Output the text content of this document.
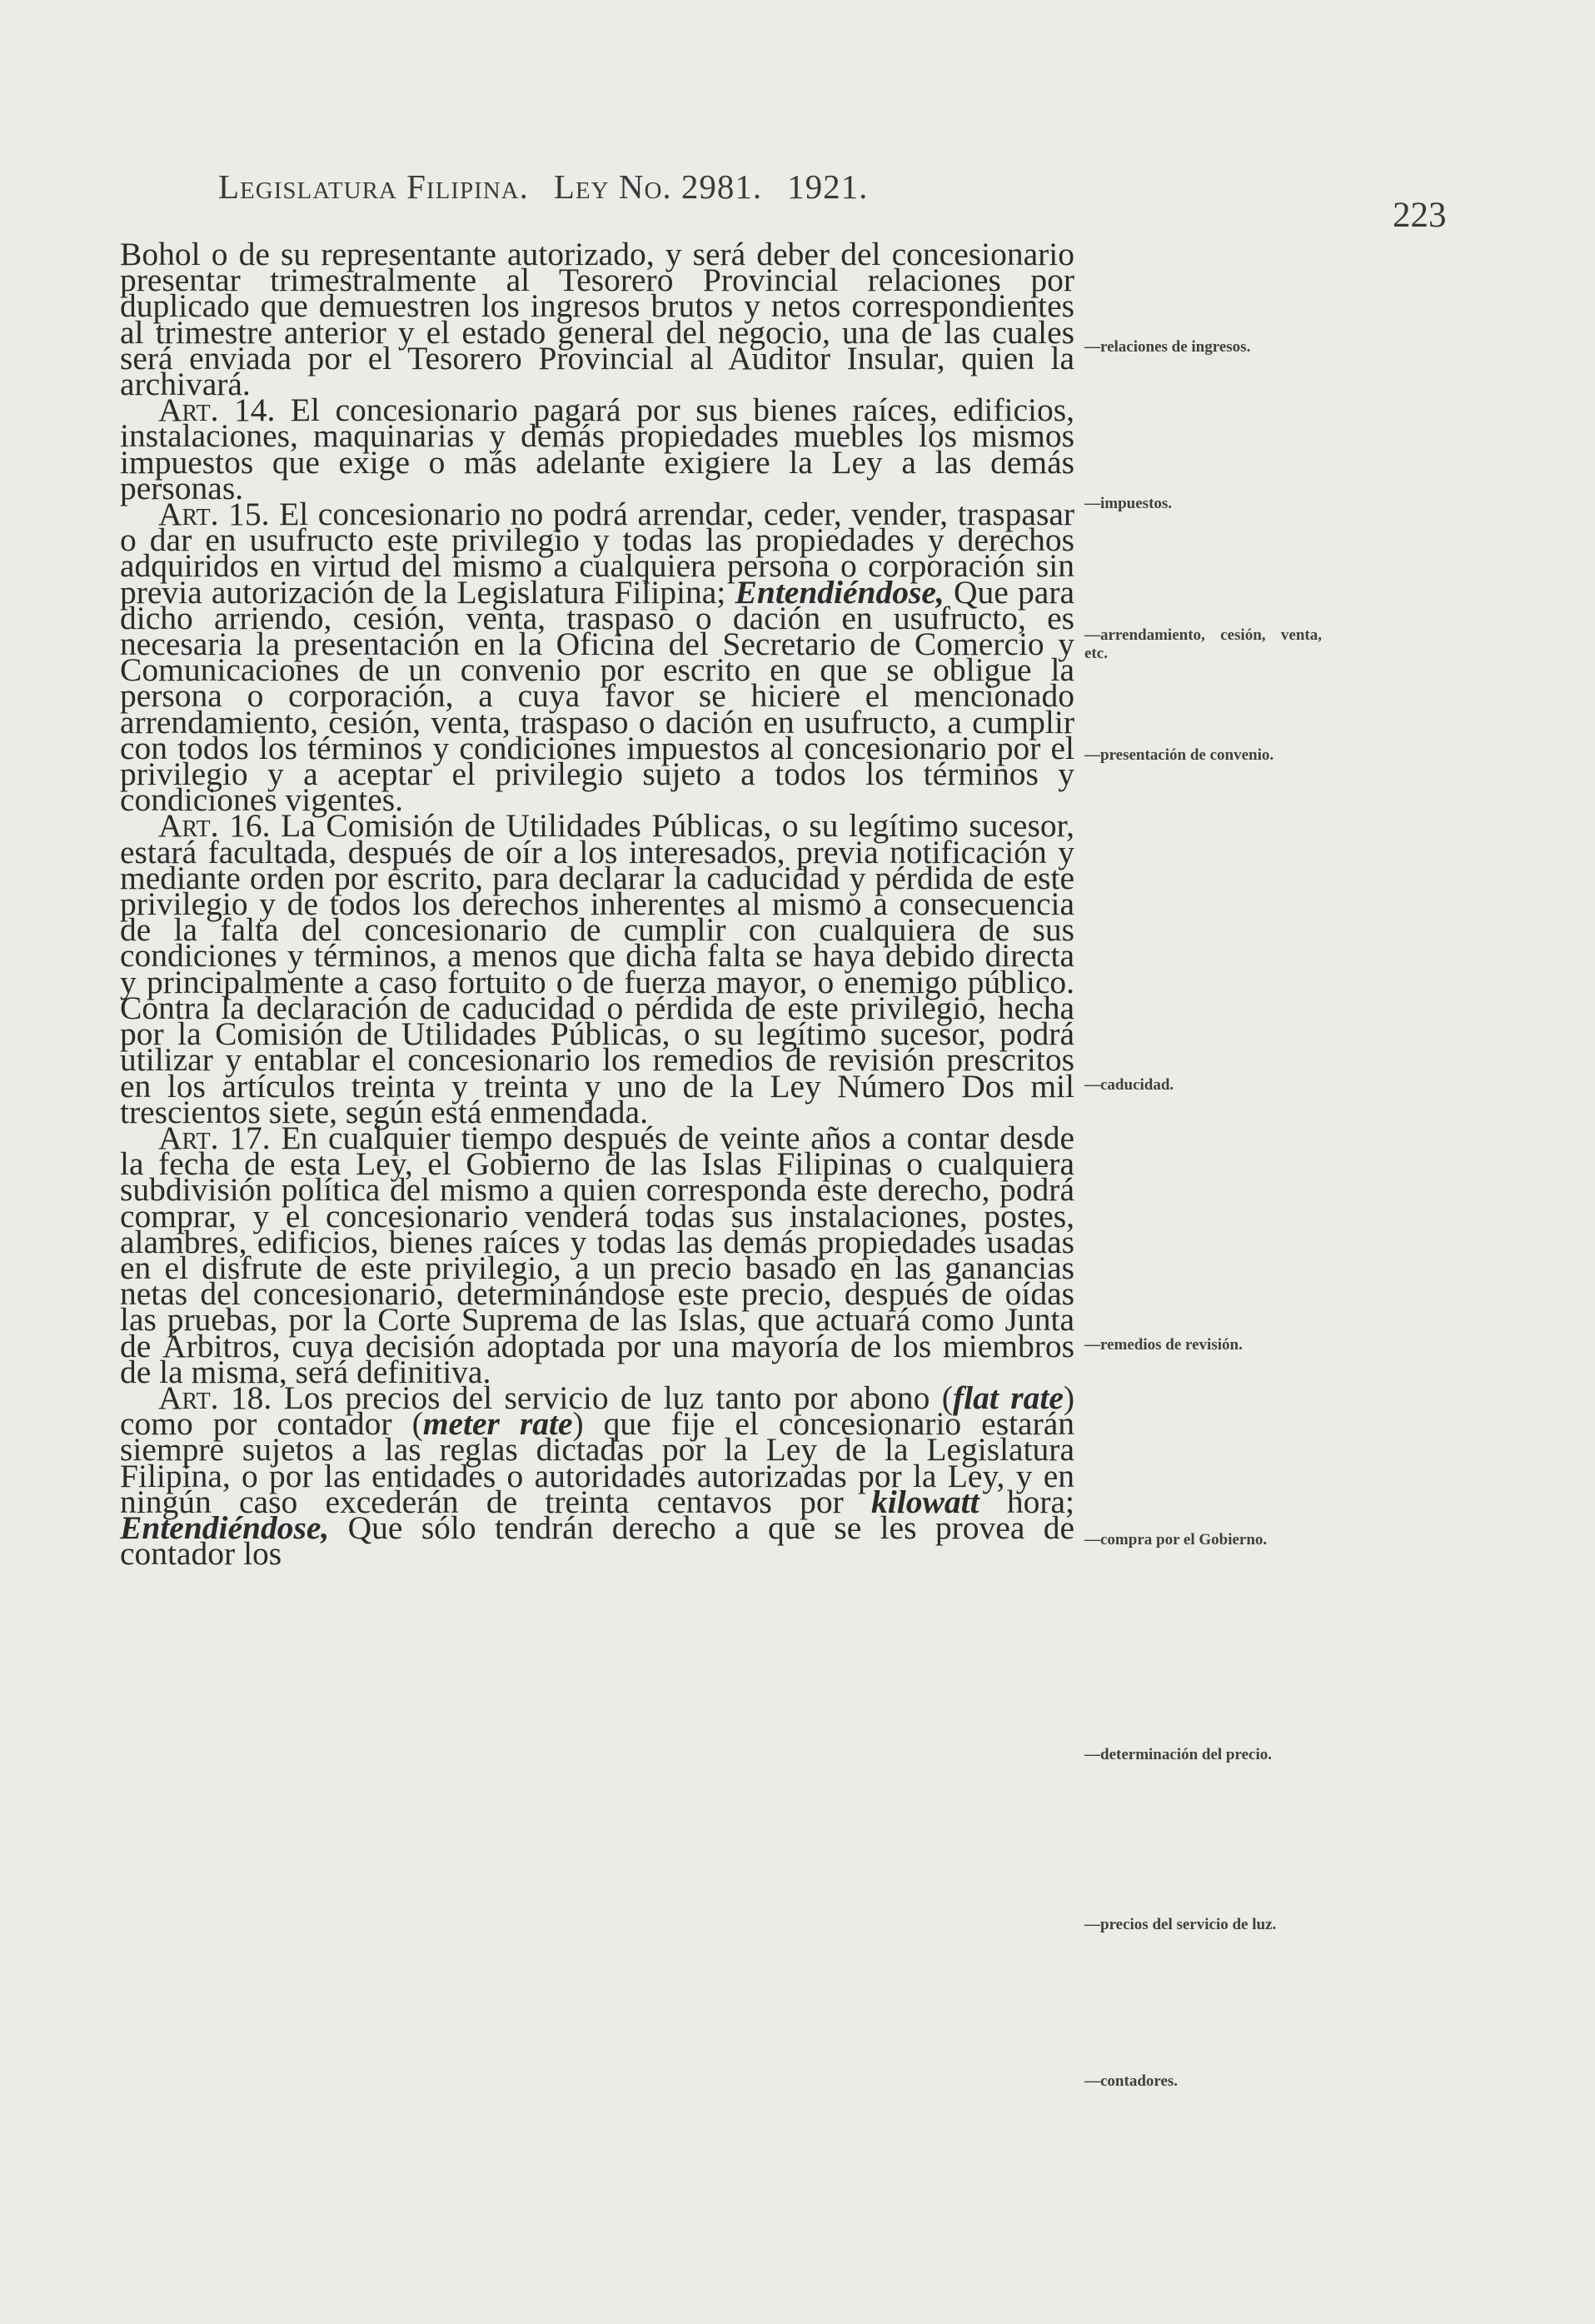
Legislatura Filipina. Ley No. 2981. 1921.
223

Bohol o de su representante autorizado, y será deber del concesionario presentar trimestralmente al Tesorero Provincial relaciones por duplicado que demuestren los ingresos brutos y netos correspondientes al trimestre anterior y el estado general del negocio, una de las cuales será enviada por el Tesorero Provincial al Auditor Insular, quien la archivará.

Art. 14. El concesionario pagará por sus bienes raíces, edificios, instalaciones, maquinarias y demás propiedades muebles los mismos impuestos que exige o más adelante exigiere la Ley a las demás personas.

Art. 15. El concesionario no podrá arrendar, ceder, vender, traspasar o dar en usufructo este privilegio y todas las propiedades y derechos adquiridos en virtud del mismo a cualquiera persona o corporación sin previa autorización de la Legislatura Filipina; Entendiéndose, Que para dicho arriendo, cesión, venta, traspaso o dación en usufructo, es necesaria la presentación en la Oficina del Secretario de Comercio y Comunicaciones de un convenio por escrito en que se obligue la persona o corporación, a cuya favor se hiciere el mencionado arrendamiento, cesión, venta, traspaso o dación en usufructo, a cumplir con todos los términos y condiciones impuestos al concesionario por el privilegio y a aceptar el privilegio sujeto a todos los términos y condiciones vigentes.

Art. 16. La Comisión de Utilidades Públicas, o su legítimo sucesor, estará facultada, después de oír a los interesados, previa notificación y mediante orden por escrito, para declarar la caducidad y pérdida de este privilegio y de todos los derechos inherentes al mismo a consecuencia de la falta del concesionario de cumplir con cualquiera de sus condiciones y términos, a menos que dicha falta se haya debido directa y principalmente a caso fortuito o de fuerza mayor, o enemigo público. Contra la declaración de caducidad o pérdida de este privilegio, hecha por la Comisión de Utilidades Públicas, o su legítimo sucesor, podrá utilizar y entablar el concesionario los remedios de revisión prescritos en los artículos treinta y treinta y uno de la Ley Número Dos mil trescientos siete, según está enmendada.

Art. 17. En cualquier tiempo después de veinte años a contar desde la fecha de esta Ley, el Gobierno de las Islas Filipinas o cualquiera subdivisión política del mismo a quien corresponda este derecho, podrá comprar, y el concesionario venderá todas sus instalaciones, postes, alambres, edificios, bienes raíces y todas las demás propiedades usadas en el disfrute de este privilegio, a un precio basado en las ganancias netas del concesionario, determinándose este precio, después de oídas las pruebas, por la Corte Suprema de las Islas, que actuará como Junta de Árbitros, cuya decisión adoptada por una mayoría de los miembros de la misma, será definitiva.

Art. 18. Los precios del servicio de luz tanto por abono (flat rate) como por contador (meter rate) que fije el concesionario estarán siempre sujetos a las reglas dictadas por la Ley de la Legislatura Filipina, o por las entidades o autoridades autorizadas por la Ley, y en ningún caso excederán de treinta centavos por kilowatt hora; Entendiéndose, Que sólo tendrán derecho a que se les provea de contador los

—relaciones de ingresos.
—impuestos.
—arrendamiento, cesión, venta, etc.
—presentación de convenio.
—caducidad.
—remedios de revisión.
—compra por el Gobierno.
—determinación del precio.
—precios del servicio de luz.
—contadores.
